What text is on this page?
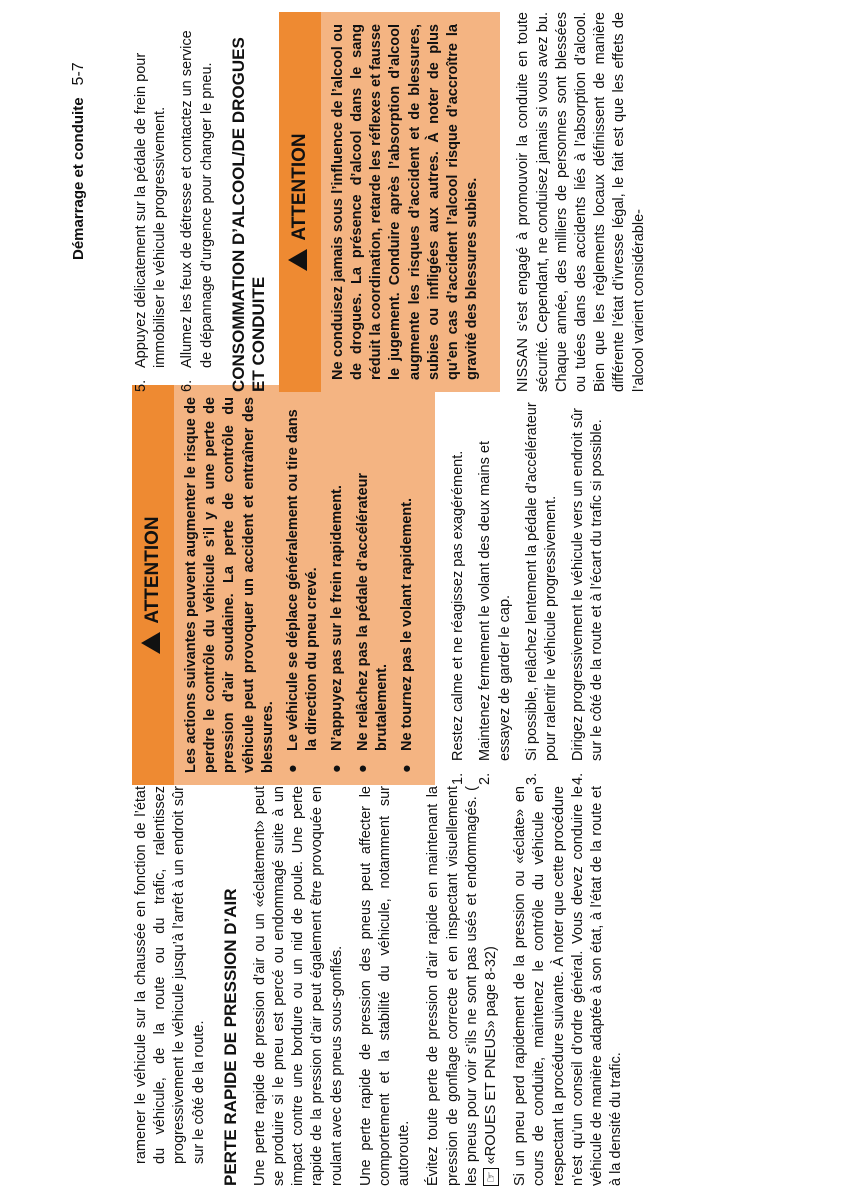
ramener le véhicule sur la chaussée en fonction de l’état du véhicule, de la route ou du trafic, ralentissez progressivement le véhicule jusqu’à l’arrêt à un endroit sûr sur le côté de la route. PERTE RAPIDE DE PRESSION D’AIR Une perte rapide de pression d’air ou un «éclatement» peut se produire si le pneu est percé ou endommagé suite à un impact contre une bordure ou un nid de poule. Une perte rapide de la pression d’air peut également être provoquée en roulant avec des pneus sous-gonflés. Une perte rapide de pression des pneus peut affecter le comportement et la stabilité du véhicule, notamment sur autoroute. Évitez toute perte de pression d’air rapide en maintenant la pression de gonflage correcte et en inspectant visuellement les pneus pour voir s’ils ne sont pas usés et endommagés. ( ☞ «ROUES ET PNEUS» page 8-32) Si un pneu perd rapidement de la pression ou «éclate» en cours de conduite, maintenez le contrôle du véhicule en respectant la procédure suivante. À noter que cette procédure n’est qu’un conseil d’ordre général. Vous devez conduire le véhicule de manière adaptée à son état, à l’état de la route et à la densité du trafic.

ATTENTION	Les actions suivantes peuvent augmenter le risque de perdre le contrôle du véhicule s’il y a une perte de pression d’air soudaine. La perte de contrôle du véhicule peut provoquer un accident et entraîner des blessures. ●
Le véhicule se déplace généralement ou tire dans la direction du pneu crevé.
●
N’appuyez pas sur le frein rapidement.
●
Ne relâchez pas la pédale d’accélérateur brutalement.
●
Ne tournez pas le volant rapidement.
1.
Restez calme et ne réagissez pas exagérément.
2.
Maintenez fermement le volant des deux mains et essayez de garder le cap.
3.
Si possible, relâchez lentement la pédale d’accélérateur pour ralentir le véhicule progressivement.
4.
Dirigez progressivement le véhicule vers un endroit sûr sur le côté de la route et à l’écart du trafic si possible.
5.
Appuyez délicatement sur la pédale de frein pour immobiliser le véhicule progressivement.
6.
Allumez les feux de détresse et contactez un service de dépannage d’urgence pour changer le pneu. CONSOMMATION D’ALCOOL/DE DROGUES ET CONDUITE
ATTENTION	Ne conduisez jamais sous l’influence de l’alcool ou de drogues. La présence d’alcool dans le sang réduit la coordination, retarde les réflexes et fausse le jugement. Conduire après l’absorption d’alcool augmente les risques d’accident et de blessures, subies ou infligées aux autres. À noter de plus qu’en cas d’accident l’alcool risque d’accroître la gravité des blessures subies. NISSAN s’est engagé à promouvoir la conduite en toute sécurité. Cependant, ne conduisez jamais si vous avez bu. Chaque année, des milliers de personnes sont blessées ou tuées dans des accidents liés à l’absorption d’alcool. Bien que les règlements locaux définissent de manière différente l’état d’ivresse légal, le fait est que les effets de l’alcool varient considérable-

Démarrage et conduite5-7
